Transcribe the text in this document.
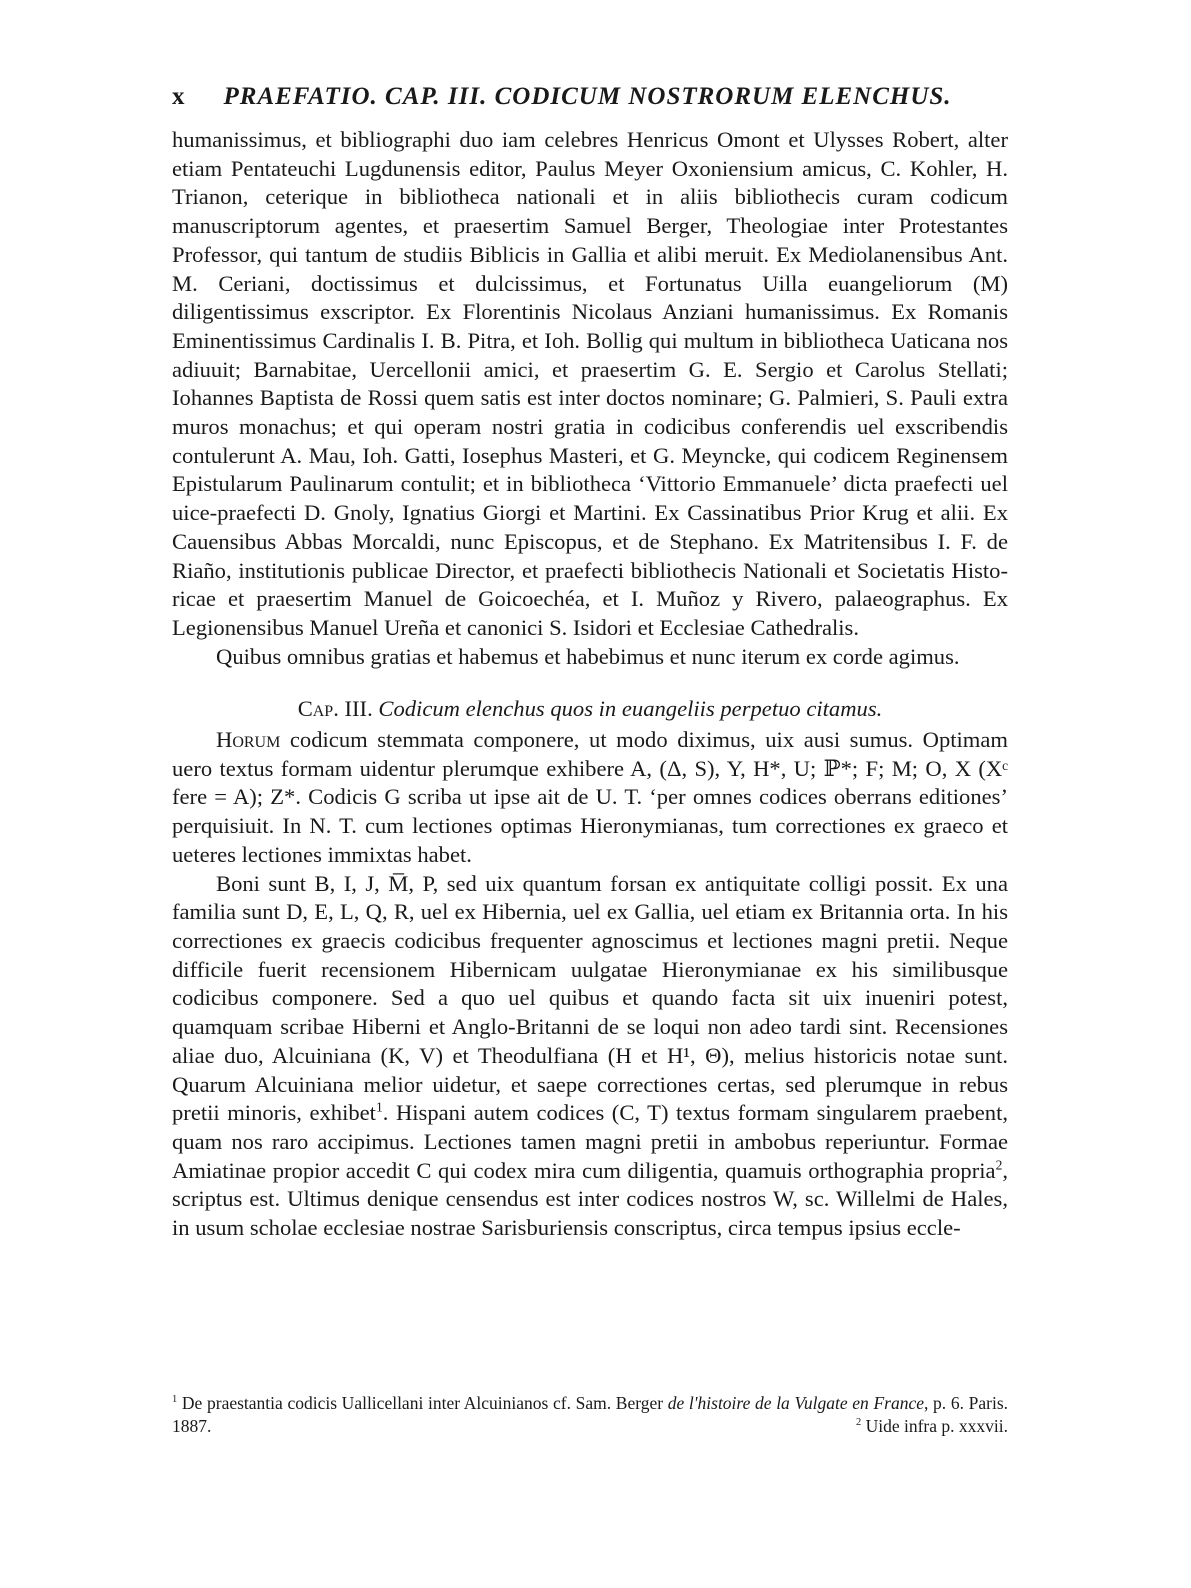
x PRAEFATIO. CAP. III. CODICUM NOSTRORUM ELENCHUS.

humanissimus, et bibliographi duo iam celebres Henricus Omont et Ulysses Robert, alter etiam Pentateuchi Lugdunensis editor, Paulus Meyer Oxoniensium amicus, C. Kohler, H. Trianon, ceterique in bibliotheca nationali et in aliis bibliothecis curam codicum manuscriptorum agentes, et praesertim Samuel Berger, Theologiae inter Protestantes Professor, qui tantum de studiis Biblicis in Gallia et alibi meruit. Ex Mediolanensibus Ant. M. Ceriani, doctissimus et dulcissimus, et Fortunatus Uilla euangeliorum (M) diligentissimus exscriptor. Ex Florentinis Nicolaus Anziani humanissimus. Ex Romanis Eminentissimus Cardinalis I. B. Pitra, et Ioh. Bollig qui multum in bibliotheca Uaticana nos adiuuit; Barnabitae, Uercellonii amici, et praesertim G. E. Sergio et Carolus Stellati; Iohannes Baptista de Rossi quem satis est inter doctos nominare; G. Palmieri, S. Pauli extra muros monachus; et qui operam nostri gratia in codicibus conferendis uel exscribendis contulerunt A. Mau, Ioh. Gatti, Iosephus Masteri, et G. Meyncke, qui codicem Reginensem Epistularum Paulinarum contulit; et in bibliotheca ‘Vittorio Emmanuele’ dicta praefecti uel uice-praefecti D. Gnoly, Ignatius Giorgi et Martini. Ex Cassinatibus Prior Krug et alii. Ex Cauensibus Abbas Morcaldi, nunc Episcopus, et de Stephano. Ex Matritensibus I. F. de Riaño, institutionis publicae Director, et praefecti bibliothecis Nationali et Societatis Historicae et praesertim Manuel de Goicoechéa, et I. Muñoz y Rivero, palaeographus. Ex Legionensibus Manuel Ureña et canonici S. Isidori et Ecclesiae Cathedralis.

Quibus omnibus gratias et habemus et habebimus et nunc iterum ex corde agimus.

Cap. III. Codicum elenchus quos in euangeliis perpetuo citamus.

Horum codicum stemmata componere, ut modo diximus, uix ausi sumus. Optimam uero textus formam uidentur plerumque exhibere A, (Δ, S), Y, H*, U; ℙ*; F; M; O, X (Xᶜ fere = A); Z*. Codicis G scriba ut ipse ait de U. T. ‘per omnes codices oberrans editiones’ perquisiuit. In N. T. cum lectiones optimas Hieronymianas, tum correctiones ex graeco et ueteres lectiones immixtas habet.

Boni sunt B, I, J, M̅, P, sed uix quantum forsan ex antiquitate colligi possit. Ex una familia sunt D, E, L, Q, R, uel ex Hibernia, uel ex Gallia, uel etiam ex Britannia orta. In his correctiones ex graecis codicibus frequenter agnoscimus et lectiones magni pretii. Neque difficile fuerit recensionem Hibernicam uulgatae Hieronymianae ex his similibusque codicibus componere. Sed a quo uel quibus et quando facta sit uix inueniri potest, quamquam scribae Hiberni et Anglo-Britanni de se loqui non adeo tardi sint. Recensiones aliae duo, Alcuiniana (K, V) et Theodulfiana (H et H¹, Θ), melius historicis notae sunt. Quarum Alcuiniana melior uidetur, et saepe correctiones certas, sed plerumque in rebus pretii minoris, exhibet$^1$. Hispani autem codices (C, T) textus formam singularem praebent, quam nos raro accipimus. Lectiones tamen magni pretii in ambobus reperiuntur. Formae Amiatinae propior accedit C qui codex mira cum diligentia, quamuis orthographia propria$^2$, scriptus est. Ultimus denique censendus est inter codices nostros W, sc. Willelmi de Hales, in usum scholae ecclesiae nostrae Sarisburiensis conscriptus, circa tempus ipsius eccle-

$^1$ De praestantia codicis Uallicellani inter Alcuinianos cf. Sam. Berger de l'histoire de la Vulgate en France, p. 6. Paris. 1887.	$^2$ Uide infra p. xxxvii.
